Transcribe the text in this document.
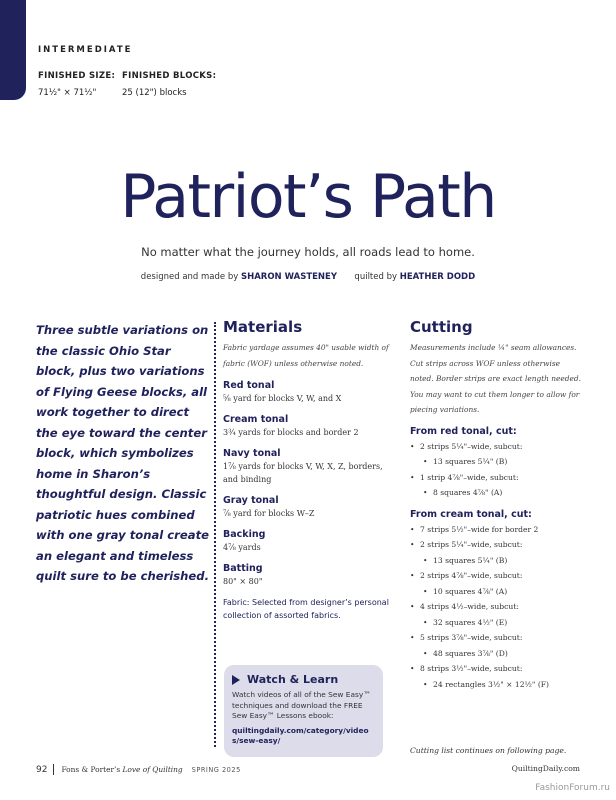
INTERMEDIATE
FINISHED SIZE:
71½" × 71½"
FINISHED BLOCKS:
25 (12") blocks
Patriot’s Path
No matter what the journey holds, all roads lead to home.
designed and made by SHARON WASTENEY quilted by HEATHER DODD

Three subtle variations on the classic Ohio Star block, plus two variations of Flying Geese blocks, all work together to direct the eye toward the center block, which symbolizes home in Sharon’s thoughtful design. Classic patriotic hues combined with one gray tonal create an elegant and timeless quilt sure to be cherished.

Materials

Fabric yardage assumes 40" usable width of fabric (WOF) unless otherwise noted.

Red tonal
⅝ yard for blocks V, W, and X
Cream tonal
3¾ yards for blocks and border 2
Navy tonal
1⅞ yards for blocks V, W, X, Z, borders, and binding
Gray tonal
⅞ yard for blocks W–Z
Backing
4⅞ yards
Batting
80" × 80"

Fabric: Selected from designer’s personal collection of assorted fabrics.

Watch & Learn

Watch videos of all of the Sew Easy™ techniques and download the FREE Sew Easy™ Lessons ebook:

quiltingdaily.com/category/videos/sew-easy/
Cutting

Measurements include ¼" seam allowances. Cut strips across WOF unless otherwise noted. Border strips are exact length needed. You may want to cut them longer to allow for piecing variations.

From red tonal, cut:
• 2 strips 5¼"–wide, subcut:
• 13 squares 5¼" (B)
• 1 strip 4⅞"–wide, subcut:
• 8 squares 4⅞" (A)
From cream tonal, cut:
• 7 strips 5½"–wide for border 2
• 2 strips 5¼"–wide, subcut:
• 13 squares 5¼" (B)
• 2 strips 4⅞"–wide, subcut:
• 10 squares 4⅞" (A)
• 4 strips 4½–wide, subcut:
• 32 squares 4½" (E)
• 5 strips 3⅞"–wide, subcut:
• 48 squares 3⅞" (D)
• 8 strips 3½"–wide, subcut:
• 24 rectangles 3½" × 12½" (F)
Cutting list continues on following page.
92 Fons & Porter’s Love of Quilting SPRING 2025	QuiltingDaily.com
FashionForum.ru
